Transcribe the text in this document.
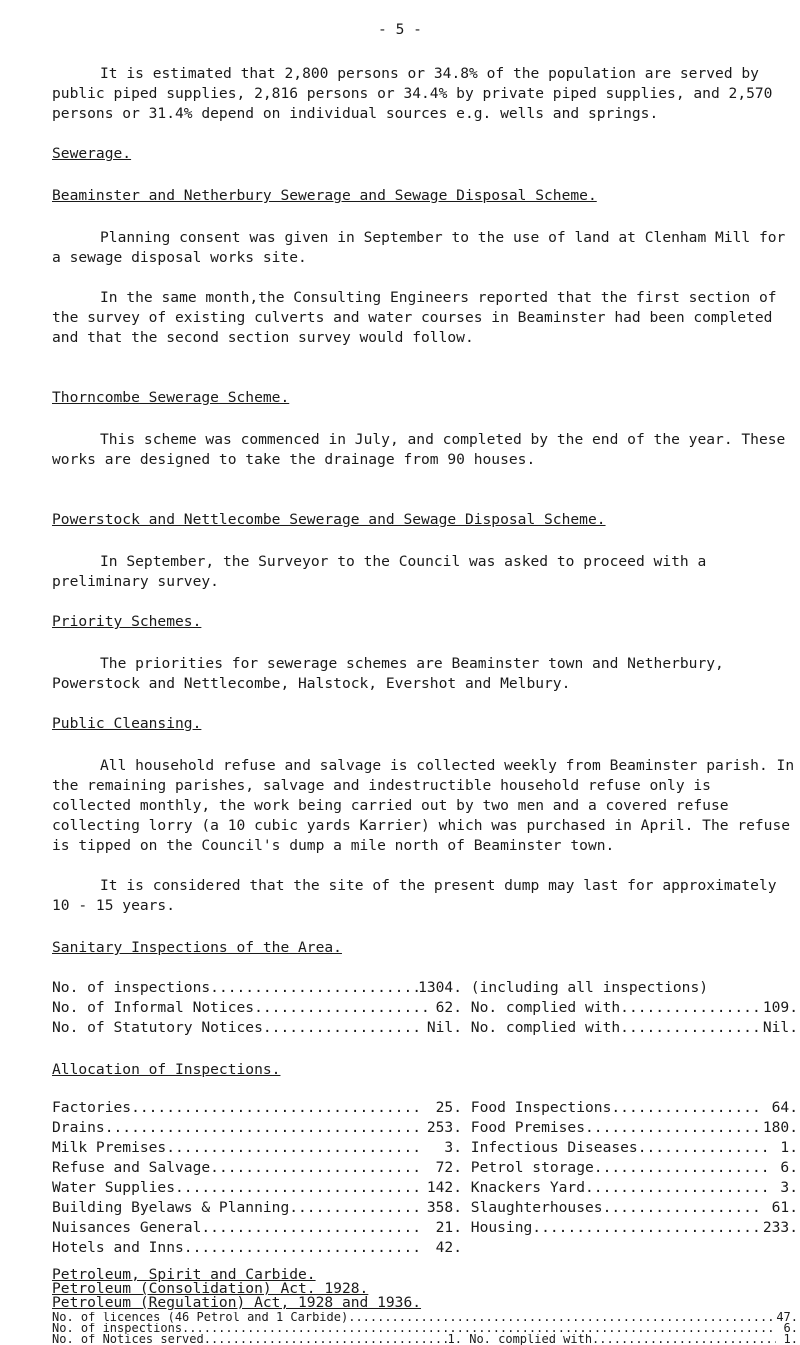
- 5 -

It is estimated that 2,800 persons or 34.8% of the population are served by public piped supplies, 2,816 persons or 34.4% by private piped supplies, and 2,570 persons or 31.4% depend on individual sources e.g. wells and springs.

Sewerage.

Beaminster and Netherbury Sewerage and Sewage Disposal Scheme.

Planning consent was given in September to the use of land at Clenham Mill for a sewage disposal works site.

In the same month,the Consulting Engineers reported that the first section of the survey of existing culverts and water courses in Beaminster had been completed and that the second section survey would follow.

Thorncombe Sewerage Scheme.

This scheme was commenced in July, and completed by the end of the year. These works are designed to take the drainage from 90 houses.

Powerstock and Nettlecombe Sewerage and Sewage Disposal Scheme.

In September, the Surveyor to the Council was asked to proceed with a preliminary survey.

Priority Schemes.

The priorities for sewerage schemes are Beaminster town and Netherbury, Powerstock and Nettlecombe, Halstock, Evershot and Melbury.

Public Cleansing.

All household refuse and salvage is collected weekly from Beaminster parish. In the remaining parishes, salvage and indestructible household refuse only is collected monthly, the work being carried out by two men and a covered refuse collecting lorry (a 10 cubic yards Karrier) which was purchased in April. The refuse is tipped on the Council's dump a mile north of Beaminster town.

It is considered that the site of the present dump may last for approximately 10 - 15 years.

Sanitary Inspections of the Area.

No. of inspections .....	1304. (including all inspections)
No. of Informal Notices .....	62. No. complied with .....	109.
No. of Statutory Notices .....	Nil. No. complied with .....	Nil.

Allocation of Inspections.

Factories .....	25. Food Inspections .....	64.
Drains .....	253. Food Premises .....	180.
Milk Premises .....	3. Infectious Diseases .....	1.
Refuse and Salvage .....	72. Petrol storage .....	6.
Water Supplies .....	142. Knackers Yard .....	3.
Building Byelaws & Planning .....	358. Slaughterhouses .....	61.
Nuisances General .....	21. Housing .....	233.
Hotels and Inns .....	42.

Petroleum, Spirit and Carbide.

Petroleum (Consolidation) Act. 1928.

Petroleum (Regulation) Act, 1928 and 1936.

No. of licences (46 Petrol and 1 Carbide). .....	47.
No. of inspections .....	6.
No. of Notices served .....	1. No. complied with .....	1.
